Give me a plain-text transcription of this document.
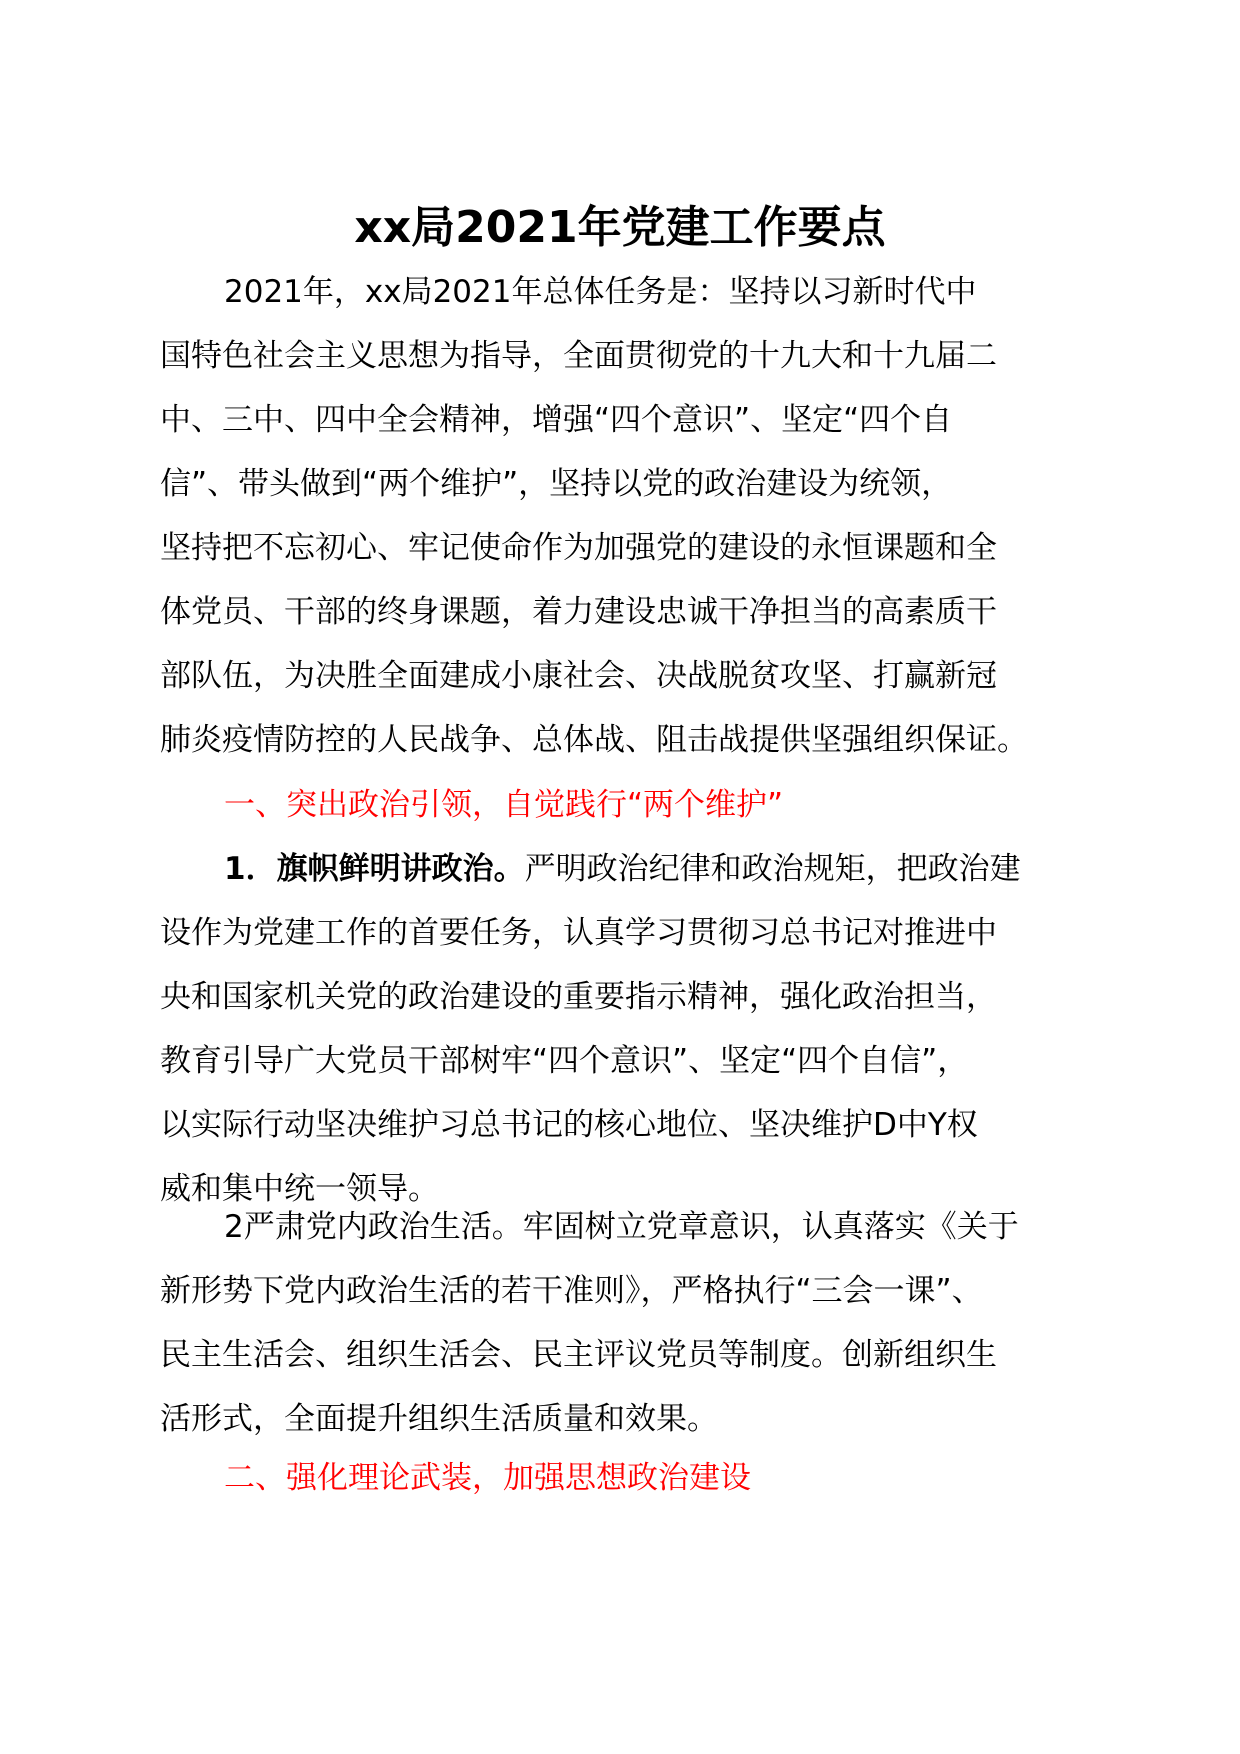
xx局2021年党建工作要点
2021年，xx局2021年总体任务是：坚持以习新时代中
国特色社会主义思想为指导，全面贯彻党的十九大和十九届二
中、三中、四中全会精神，增强“四个意识”、坚定“四个自
信”、带头做到“两个维护”，坚持以党的政治建设为统领，
坚持把不忘初心、牢记使命作为加强党的建设的永恒课题和全
体党员、干部的终身课题，着力建设忠诚干净担当的高素质干
部队伍，为决胜全面建成小康社会、决战脱贫攻坚、打赢新冠
肺炎疫情防控的人民战争、总体战、阻击战提供坚强组织保证。

一、突出政治引领，自觉践行“两个维护”

1．旗帜鲜明讲政治。严明政治纪律和政治规矩，把政治建
设作为党建工作的首要任务，认真学习贯彻习总书记对推进中
央和国家机关党的政治建设的重要指示精神，强化政治担当，
教育引导广大党员干部树牢“四个意识”、坚定“四个自信”，
以实际行动坚决维护习总书记的核心地位、坚决维护D中Y权
威和集中统一领导。
2严肃党内政治生活。牢固树立党章意识，认真落实《关于
新形势下党内政治生活的若干准则》，严格执行“三会一课”、
民主生活会、组织生活会、民主评议党员等制度。创新组织生
活形式，全面提升组织生活质量和效果。

二、强化理论武装，加强思想政治建设
